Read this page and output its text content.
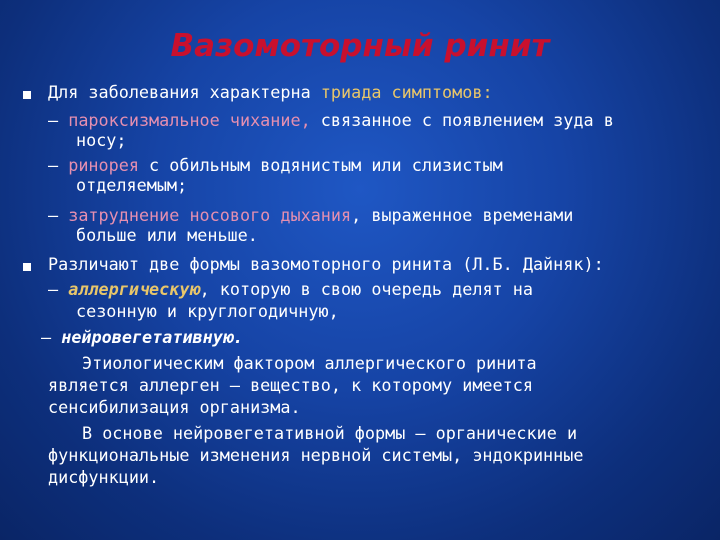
Вазомоторный ринит
Для заболевания характерна триада симптомов:
— пароксизмальное чихание, связанное с появлением зуда в
носу;
— ринорея с обильным водянистым или слизистым
отделяемым;
— затруднение носового дыхания, выраженное временами
больше или меньше.
Различают две формы вазомоторного ринита (Л.Б. Дайняк):
— аллергическую, которую в свою очередь делят на
сезонную и круглогодичную,
— нейровегетативную.
Этиологическим фактором аллергического ринита
является аллерген — вещество, к которому имеется
сенсибилизация организма.
В основе нейровегетативной формы — органические и
функциональные изменения нервной системы, эндокринные
дисфункции.
